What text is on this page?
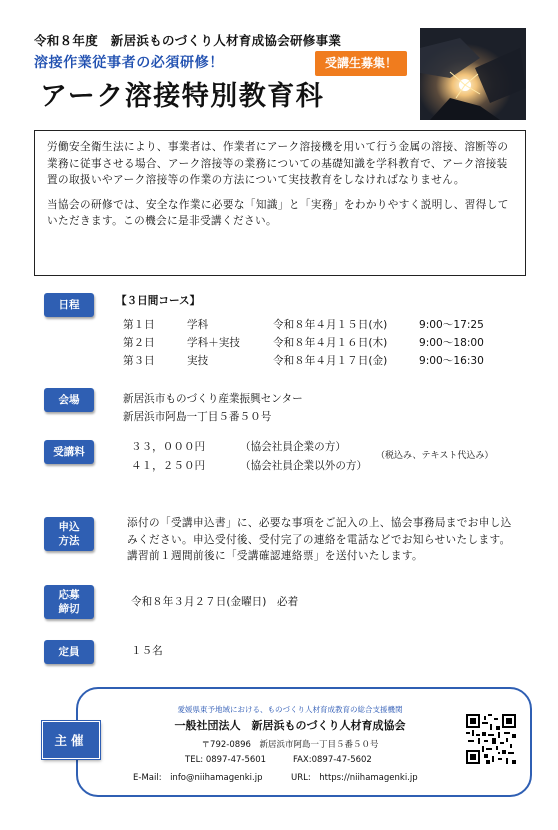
令和８年度　新居浜ものづくり人材育成協会研修事業
溶接作業従事者の必須研修！
アーク溶接特別教育科
受講生募集！

労働安全衛生法により、事業者は、作業者にアーク溶接機を用いて行う金属の溶接、溶断等の業務に従事させる場合、アーク溶接等の業務についての基礎知識を学科教育で、アーク溶接装置の取扱いやアーク溶接等の作業の方法について実技教育をしなければなりません。

当協会の研修では、安全な作業に必要な「知識」と「実務」をわかりやすく説明し、習得していただきます。この機会に是非受講ください。

日程	【３日間コース】
第１日	学科	令和８年４月１５日(水)	9:00～17:25
第２日	学科＋実技	令和８年４月１６日(木)	9:00～18:00
第３日	実技	令和８年４月１７日(金)	9:00～16:30
会場	新居浜市ものづくり産業振興センター
新居浜市阿島一丁目５番５０号
受講料	３３，０００円	（協会社員企業の方）
４１，２５０円	（協会社員企業以外の方）
（税込み、テキスト代込み）
申込
方法
添付の「受講申込書」に、必要な事項をご記入の上、協会事務局までお申し込みください。申込受付後、受付完了の連絡を電話などでお知らせいたします。講習前１週間前後に「受講確認連絡票」を送付いたします。
応募
締切
令和８年３月２７日(金曜日)　必着
定員	１５名
主催
愛媛県東予地域における、ものづくり人材育成教育の総合支援機関
一般社団法人　新居浜ものづくり人材育成協会
〒792-0896　新居浜市阿島一丁目５番５０号
TEL: 0897-47-5601	FAX:0897-47-5602
E-Mail:　info@niihamagenki.jp	URL:　https://niihamagenki.jp
